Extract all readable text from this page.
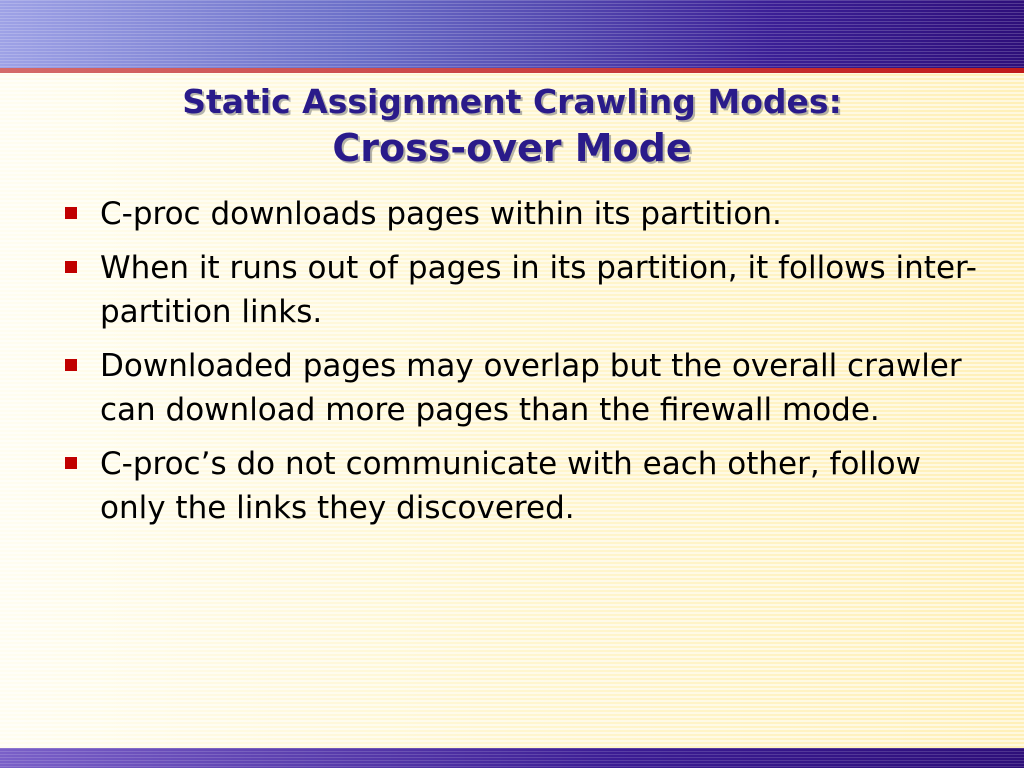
Static Assignment Crawling Modes:
Cross-over Mode
C-proc downloads pages within its partition.
When it runs out of pages in its partition, it follows inter-partition links.
Downloaded pages may overlap but the overall crawler can download more pages than the firewall mode.
C-proc’s do not communicate with each other, follow only the links they discovered.
